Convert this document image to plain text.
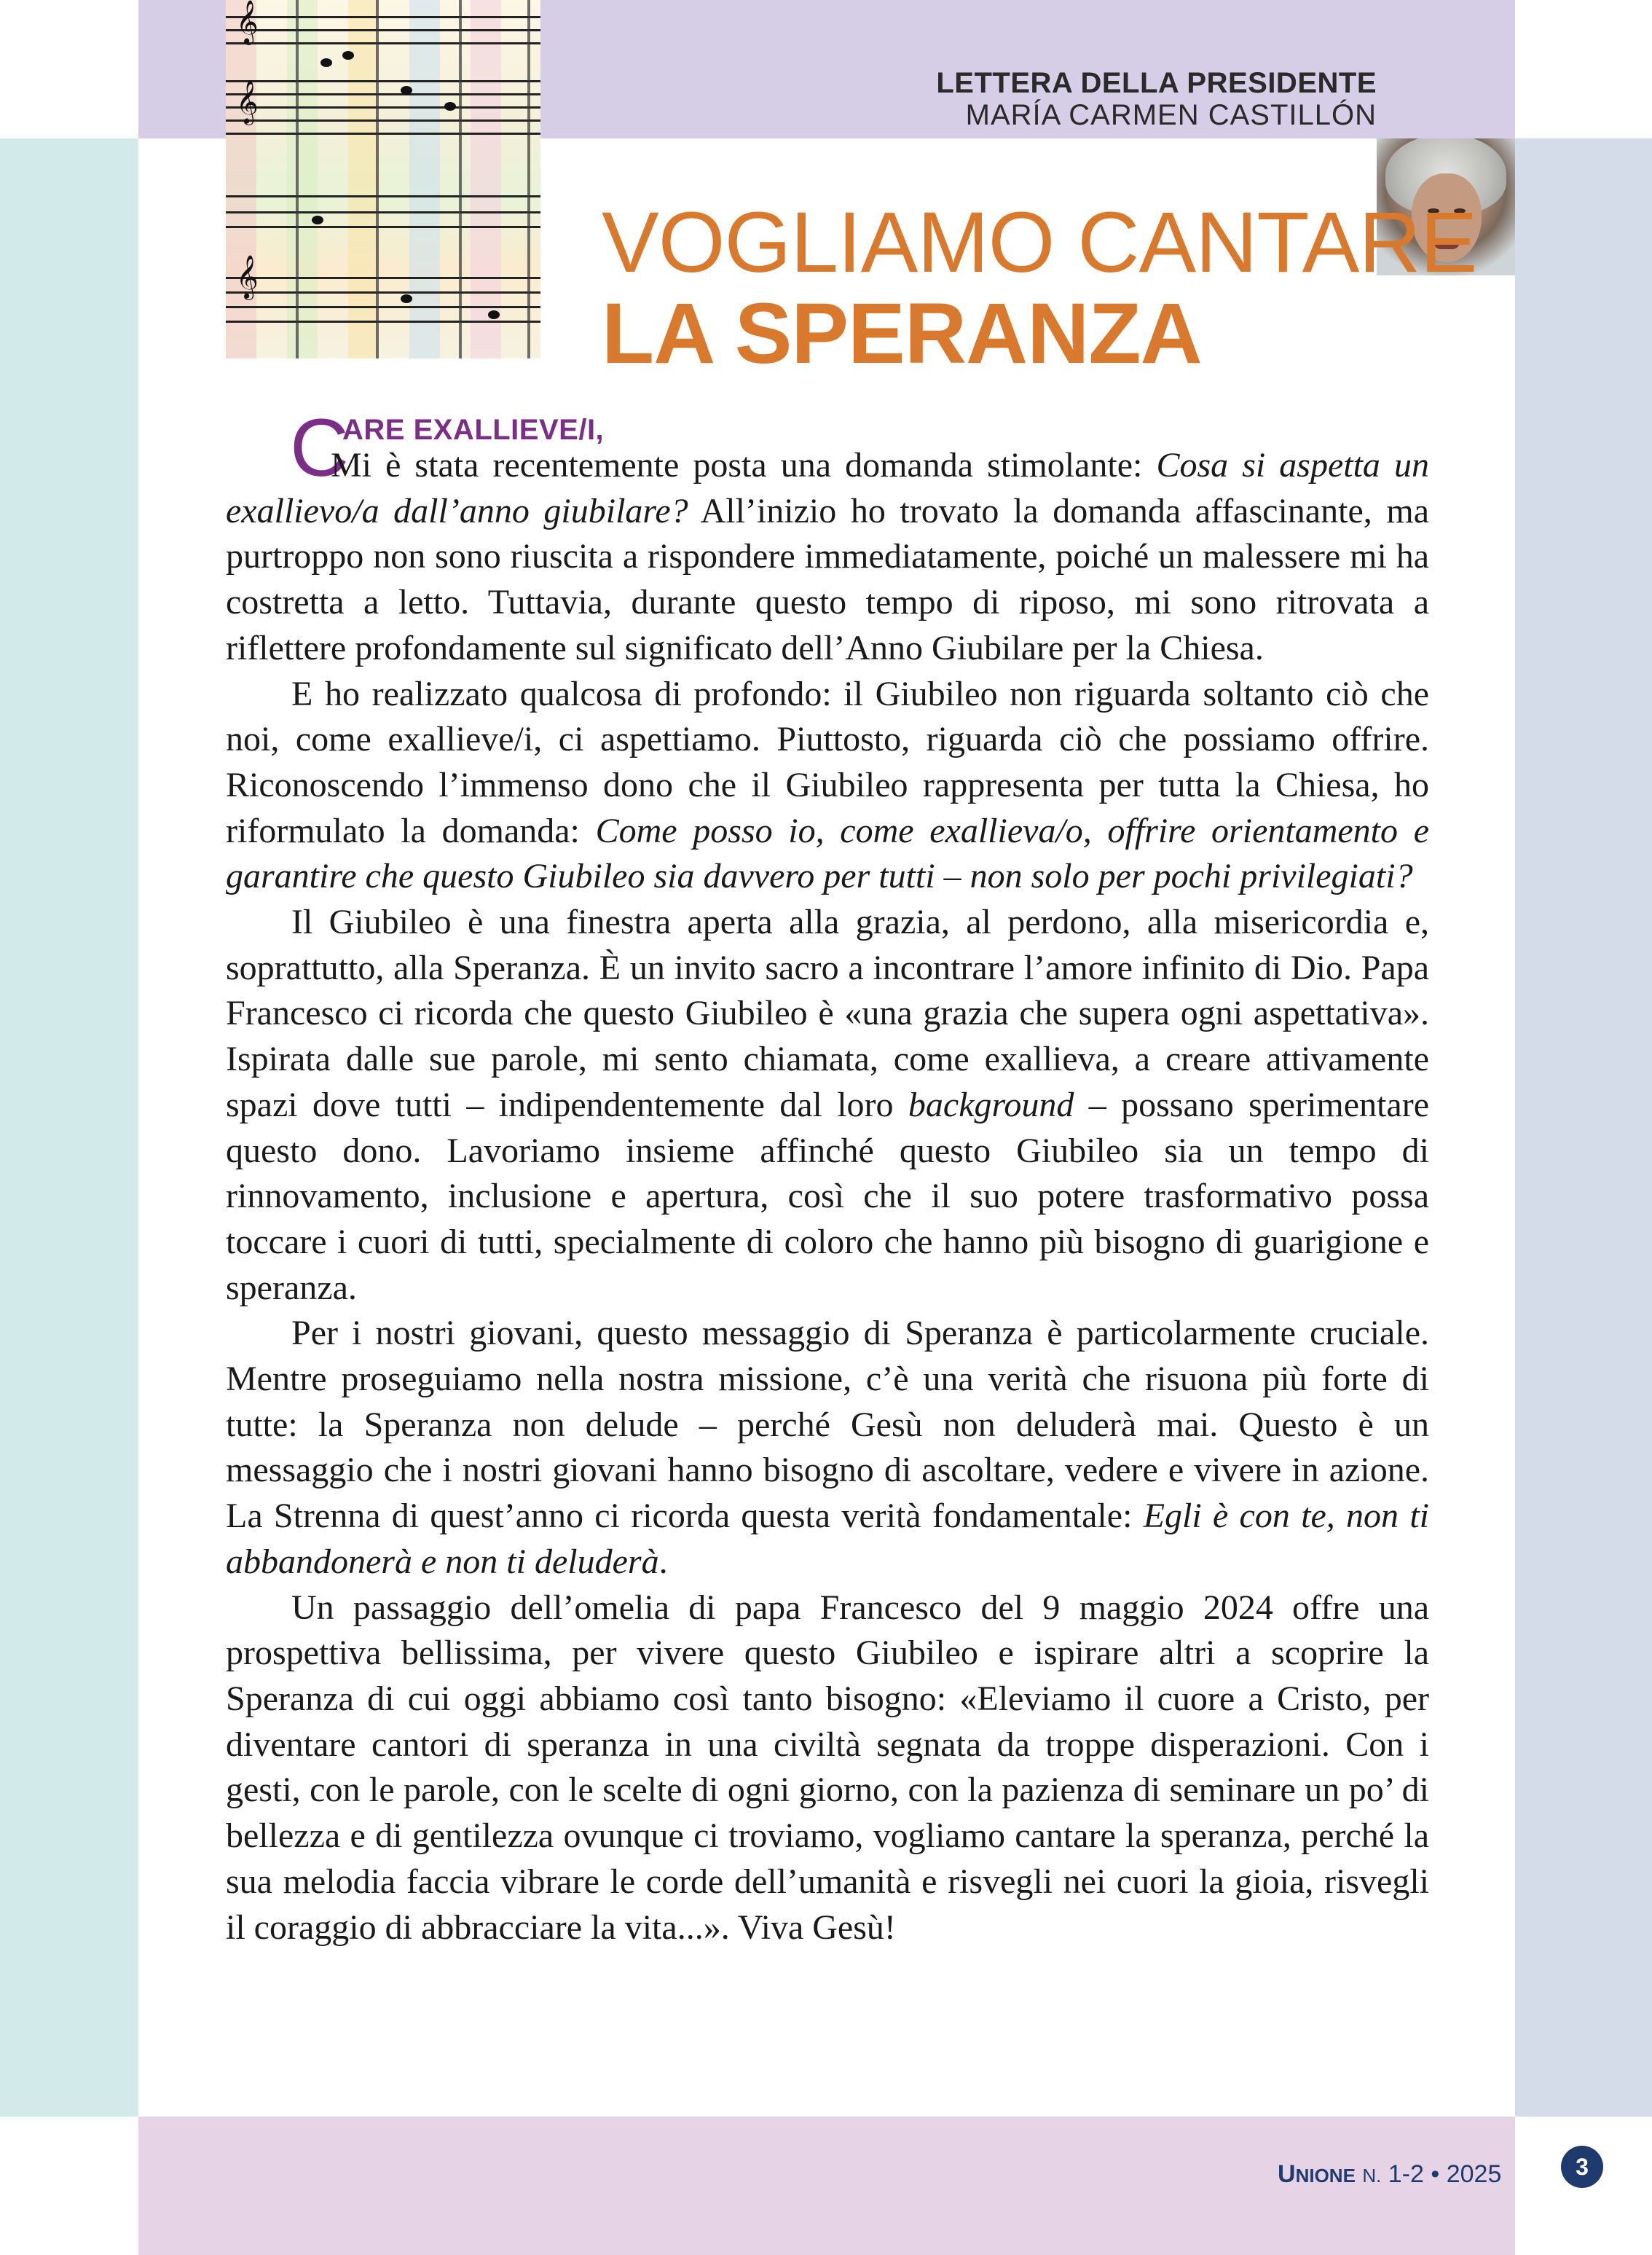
𝄞
𝄞
𝄞
LETTERA DELLA PRESIDENTE
MARÍA CARMEN CASTILLÓN
VOGLIAMO CANTARE
LA SPERANZA
C
ARE EXALLIEVE/I,

Mi è stata recentemente posta una domanda stimolante: Cosa si aspetta un exallievo/a dall’anno giubilare? All’inizio ho trovato la domanda affascinante, ma purtroppo non sono riuscita a rispondere immediatamente, poiché un malessere mi ha costretta a letto. Tuttavia, durante questo tempo di riposo, mi sono ritrovata a riflettere profondamente sul significato dell’Anno Giubilare per la Chiesa.

E ho realizzato qualcosa di profondo: il Giubileo non riguarda soltanto ciò che noi, come exallieve/i, ci aspettiamo. Piuttosto, riguarda ciò che possiamo offrire. Riconoscendo l’immenso dono che il Giubileo rappresenta per tutta la Chiesa, ho riformulato la domanda: Come posso io, come exallieva/o, offrire orientamento e garantire che questo Giubileo sia davvero per tutti – non solo per pochi privilegiati?

Il Giubileo è una finestra aperta alla grazia, al perdono, alla misericordia e, soprattutto, alla Speranza. È un invito sacro a incontrare l’amore infinito di Dio. Papa Francesco ci ricorda che questo Giubileo è «una grazia che supera ogni aspettativa». Ispirata dalle sue parole, mi sento chiamata, come exallieva, a creare attivamente spazi dove tutti – indipendentemente dal loro background – possano sperimentare questo dono. Lavoriamo insieme affinché questo Giubileo sia un tempo di rinnovamento, inclusione e apertura, così che il suo potere trasformativo possa toccare i cuori di tutti, specialmente di coloro che hanno più bisogno di guarigione e speranza.

Per i nostri giovani, questo messaggio di Speranza è particolarmente cruciale. Mentre proseguiamo nella nostra missione, c’è una verità che risuona più forte di tutte: la Speranza non delude – perché Gesù non deluderà mai. Questo è un messaggio che i nostri giovani hanno bisogno di ascoltare, vedere e vivere in azione. La Strenna di quest’anno ci ricorda questa verità fondamentale: Egli è con te, non ti abbandonerà e non ti deluderà.

Un passaggio dell’omelia di papa Francesco del 9 maggio 2024 offre una prospettiva bellissima, per vivere questo Giubileo e ispirare altri a scoprire la Speranza di cui oggi abbiamo così tanto bisogno: «Eleviamo il cuore a Cristo, per diventare cantori di speranza in una civiltà segnata da troppe disperazioni. Con i gesti, con le parole, con le scelte di ogni giorno, con la pazienza di seminare un po’ di bellezza e di gentilezza ovunque ci troviamo, vogliamo cantare la speranza, perché la sua melodia faccia vibrare le corde dell’umanità e risvegli nei cuori la gioia, risvegli il coraggio di abbracciare la vita...». Viva Gesù!

UNIONE N. 1-2 • 2025	3
